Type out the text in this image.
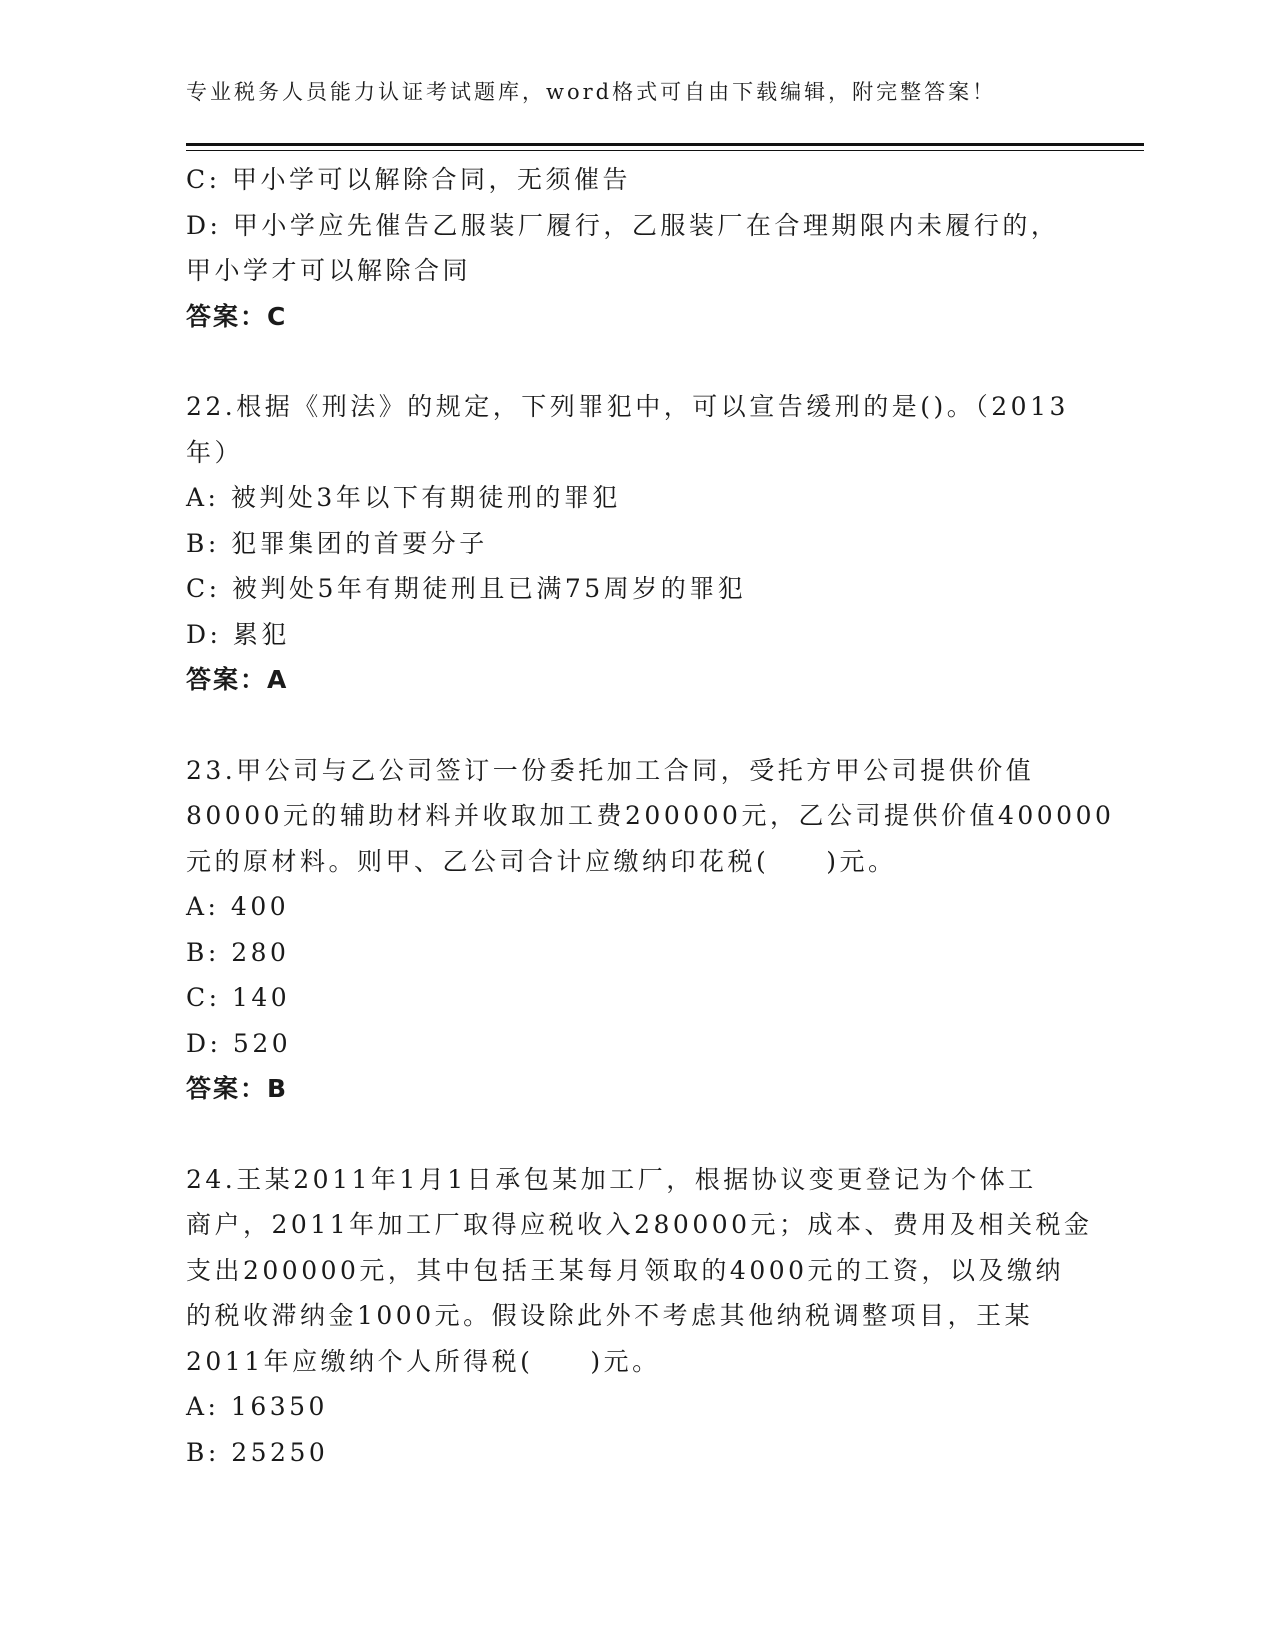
专业税务人员能力认证考试题库，word格式可自由下载编辑，附完整答案！
C: 甲小学可以解除合同，无须催告
D: 甲小学应先催告乙服装厂履行，乙服装厂在合理期限内未履行的，
甲小学才可以解除合同
答案：C
22.根据《刑法》的规定，下列罪犯中，可以宣告缓刑的是()。（2013
年）
A: 被判处3年以下有期徒刑的罪犯
B: 犯罪集团的首要分子
C: 被判处5年有期徒刑且已满75周岁的罪犯
D: 累犯
答案：A
23.甲公司与乙公司签订一份委托加工合同，受托方甲公司提供价值
80000元的辅助材料并收取加工费200000元，乙公司提供价值400000
元的原材料。则甲、乙公司合计应缴纳印花税(　　)元。
A: 400
B: 280
C: 140
D: 520
答案：B
24.王某2011年1月1日承包某加工厂，根据协议变更登记为个体工
商户，2011年加工厂取得应税收入280000元；成本、费用及相关税金
支出200000元，其中包括王某每月领取的4000元的工资，以及缴纳
的税收滞纳金1000元。假设除此外不考虑其他纳税调整项目，王某
2011年应缴纳个人所得税(　　)元。
A: 16350
B: 25250
